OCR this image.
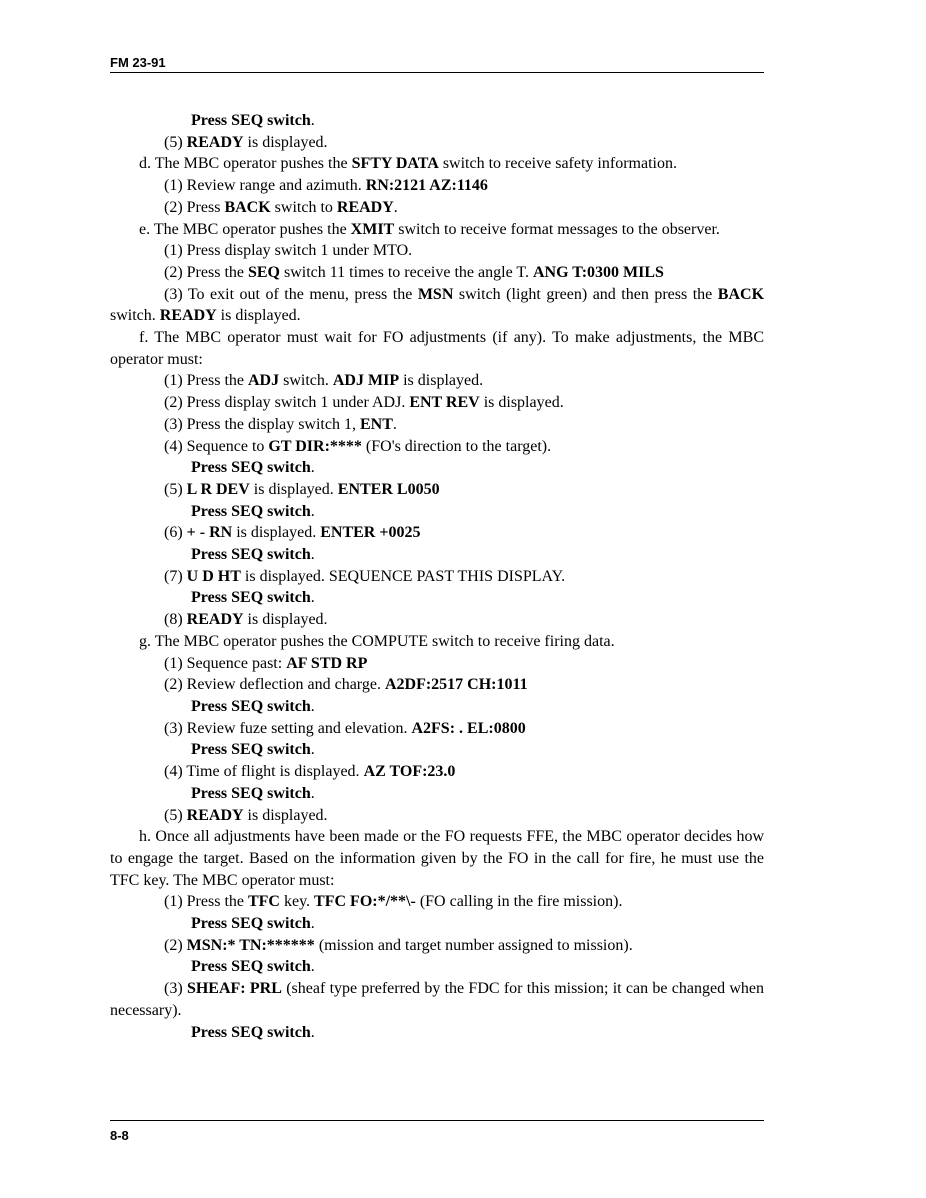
FM 23-91

Press SEQ switch.

(5) READY is displayed.

d. The MBC operator pushes the SFTY DATA switch to receive safety information.

(1) Review range and azimuth. RN:2121 AZ:1146

(2) Press BACK switch to READY.

e. The MBC operator pushes the XMIT switch to receive format messages to the observer.

(1) Press display switch 1 under MTO.

(2) Press the SEQ switch 11 times to receive the angle T. ANG T:0300 MILS

(3) To exit out of the menu, press the MSN switch (light green) and then press the BACK switch. READY is displayed.

f. The MBC operator must wait for FO adjustments (if any). To make adjustments, the MBC operator must:

(1) Press the ADJ switch. ADJ MIP is displayed.

(2) Press display switch 1 under ADJ. ENT REV is displayed.

(3) Press the display switch 1, ENT.

(4) Sequence to GT DIR:**** (FO's direction to the target).

Press SEQ switch.

(5) L R DEV is displayed. ENTER L0050

Press SEQ switch.

(6) + - RN is displayed. ENTER +0025

Press SEQ switch.

(7) U D HT is displayed. SEQUENCE PAST THIS DISPLAY.

Press SEQ switch.

(8) READY is displayed.

g. The MBC operator pushes the COMPUTE switch to receive firing data.

(1) Sequence past: AF STD RP

(2) Review deflection and charge. A2DF:2517 CH:1011

Press SEQ switch.

(3) Review fuze setting and elevation. A2FS: . EL:0800

Press SEQ switch.

(4) Time of flight is displayed. AZ TOF:23.0

Press SEQ switch.

(5) READY is displayed.

h. Once all adjustments have been made or the FO requests FFE, the MBC operator decides how to engage the target. Based on the information given by the FO in the call for fire, he must use the TFC key. The MBC operator must:

(1) Press the TFC key. TFC FO:*/**\- (FO calling in the fire mission).

Press SEQ switch.

(2) MSN:* TN:****** (mission and target number assigned to mission).

Press SEQ switch.

(3) SHEAF: PRL (sheaf type preferred by the FDC for this mission; it can be changed when necessary).

Press SEQ switch.

8-8
